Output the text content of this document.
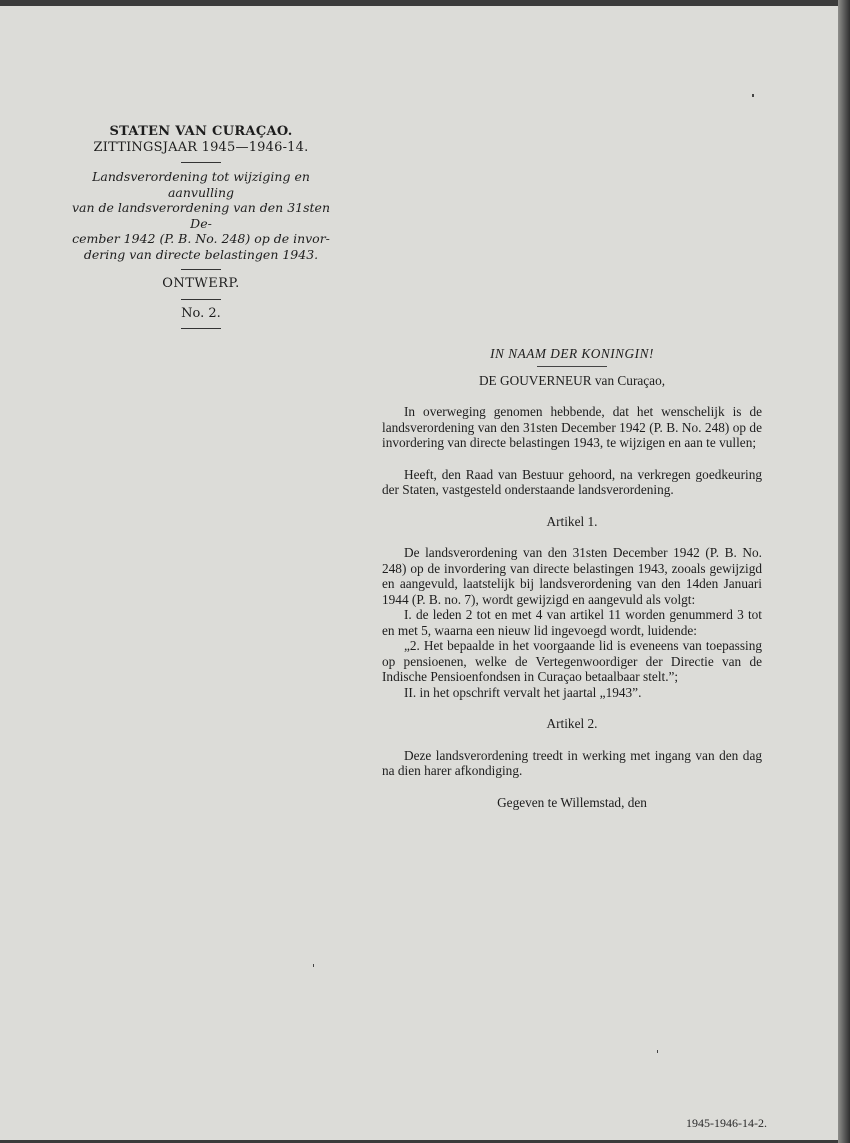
STATEN VAN CURAÇAO.
ZITTINGSJAAR 1945—1946-14.
Landsverordening tot wijziging en aanvulling
van de landsverordening van den 31sten De-
cember 1942 (P. B. No. 248) op de invor-
dering van directe belastingen 1943.
ONTWERP.
No. 2.
IN NAAM DER KONINGIN!
DE GOUVERNEUR van Curaçao,

In overweging genomen hebbende, dat het wenschelijk is de landsverordening van den 31sten December 1942 (P. B. No. 248) op de invordering van directe belastingen 1943, te wijzigen en aan te vullen;

Heeft, den Raad van Bestuur gehoord, na verkregen goedkeuring der Staten, vastgesteld onderstaande landsverordening.

Artikel 1.

De landsverordening van den 31sten December 1942 (P. B. No. 248) op de invordering van directe belastingen 1943, zooals gewijzigd en aangevuld, laatstelijk bij landsverordening van den 14den Januari 1944 (P. B. no. 7), wordt gewijzigd en aangevuld als volgt:

I. de leden 2 tot en met 4 van artikel 11 worden genummerd 3 tot en met 5, waarna een nieuw lid ingevoegd wordt, luidende:

„2. Het bepaalde in het voorgaande lid is eveneens van toepassing op pensioenen, welke de Vertegenwoordiger der Directie van de Indische Pensioenfondsen in Curaçao betaalbaar stelt.”;

II. in het opschrift vervalt het jaartal „1943”.

Artikel 2.

Deze landsverordening treedt in werking met ingang van den dag na dien harer afkondiging.

Gegeven te Willemstad, den
1945-1946-14-2.
